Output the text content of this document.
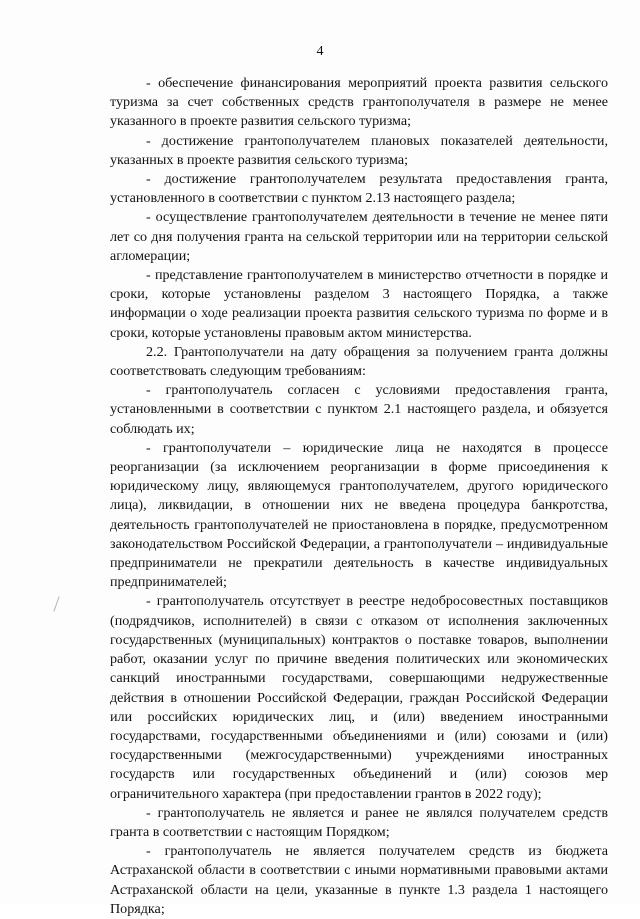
4

- обеспечение финансирования мероприятий проекта развития сельского туризма за счет собственных средств грантополучателя в размере не менее указанного в проекте развития сельского туризма;

- достижение грантополучателем плановых показателей деятельности, указанных в проекте развития сельского туризма;

- достижение грантополучателем результата предоставления гранта, установленного в соответствии с пунктом 2.13 настоящего раздела;

- осуществление грантополучателем деятельности в течение не менее пяти лет со дня получения гранта на сельской территории или на территории сельской агломерации;

- представление грантополучателем в министерство отчетности в порядке и сроки, которые установлены разделом 3 настоящего Порядка, а также информации о ходе реализации проекта развития сельского туризма по форме и в сроки, которые установлены правовым актом министерства.

2.2. Грантополучатели на дату обращения за получением гранта должны соответствовать следующим требованиям:

- грантополучатель согласен с условиями предоставления гранта, установленными в соответствии с пунктом 2.1 настоящего раздела, и обязуется соблюдать их;

- грантополучатели – юридические лица не находятся в процессе реорганизации (за исключением реорганизации в форме присоединения к юридическому лицу, являющемуся грантополучателем, другого юридического лица), ликвидации, в отношении них не введена процедура банкротства, деятельность грантополучателей не приостановлена в порядке, предусмотренном законодательством Российской Федерации, а грантополучатели – индивидуальные предприниматели не прекратили деятельность в качестве индивидуальных предпринимателей;

- грантополучатель отсутствует в реестре недобросовестных поставщиков (подрядчиков, исполнителей) в связи с отказом от исполнения заключенных государственных (муниципальных) контрактов о поставке товаров, выполнении работ, оказании услуг по причине введения политических или экономических санкций иностранными государствами, совершающими недружественные действия в отношении Российской Федерации, граждан Российской Федерации или российских юридических лиц, и (или) введением иностранными государствами, государственными объединениями и (или) союзами и (или) государственными (межгосударственными) учреждениями иностранных государств или государственных объединений и (или) союзов мер ограничительного характера (при предоставлении грантов в 2022 году);

- грантополучатель не является и ранее не являлся получателем средств гранта в соответствии с настоящим Порядком;

- грантополучатель не является получателем средств из бюджета Астраханской области в соответствии с иными нормативными правовыми актами Астраханской области на цели, указанные в пункте 1.3 раздела 1 настоящего Порядка;
